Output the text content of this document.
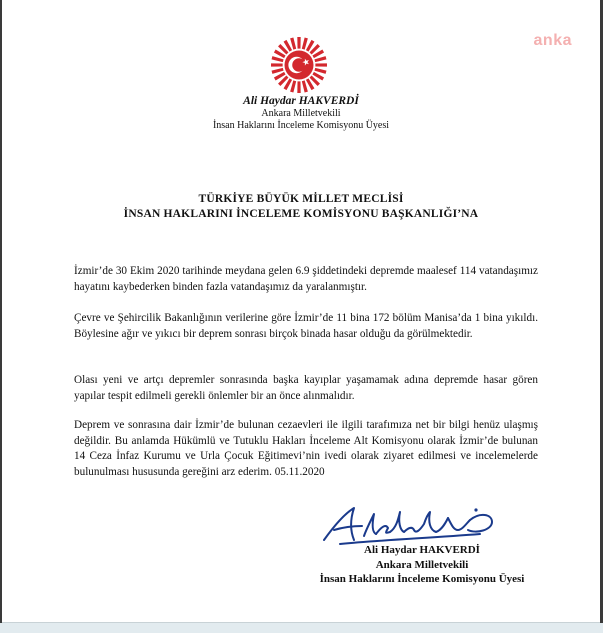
anka
Ali Haydar HAKVERDİ
Ankara Milletvekili
İnsan Haklarını İnceleme Komisyonu Üyesi
TÜRKİYE BÜYÜK MİLLET MECLİSİ
İNSAN HAKLARINI İNCELEME KOMİSYONU BAŞKANLIĞI’NA

İzmir’de 30 Ekim 2020 tarihinde meydana gelen 6.9 şiddetindeki depremde maalesef 114 vatandaşımız hayatını kaybederken binden fazla vatandaşımız da yaralanmıştır.

Çevre ve Şehircilik Bakanlığının verilerine göre İzmir’de 11 bina 172 bölüm Manisa’da 1 bina yıkıldı. Böylesine ağır ve yıkıcı bir deprem sonrası birçok binada hasar olduğu da görülmektedir.

Olası yeni ve artçı depremler sonrasında başka kayıplar yaşamamak adına depremde hasar gören yapılar tespit edilmeli gerekli önlemler bir an önce alınmalıdır.

Deprem ve sonrasına dair İzmir’de bulunan cezaevleri ile ilgili tarafımıza net bir bilgi henüz ulaşmış değildir. Bu anlamda Hükümlü ve Tutuklu Hakları İnceleme Alt Komisyonu olarak İzmir’de bulunan 14 Ceza İnfaz Kurumu ve Urla Çocuk Eğitimevi’nin ivedi olarak ziyaret edilmesi ve incelemelerde bulunulması hususunda gereğini arz ederim. 05.11.2020

Ali Haydar HAKVERDİ
Ankara Milletvekili
İnsan Haklarını İnceleme Komisyonu Üyesi
